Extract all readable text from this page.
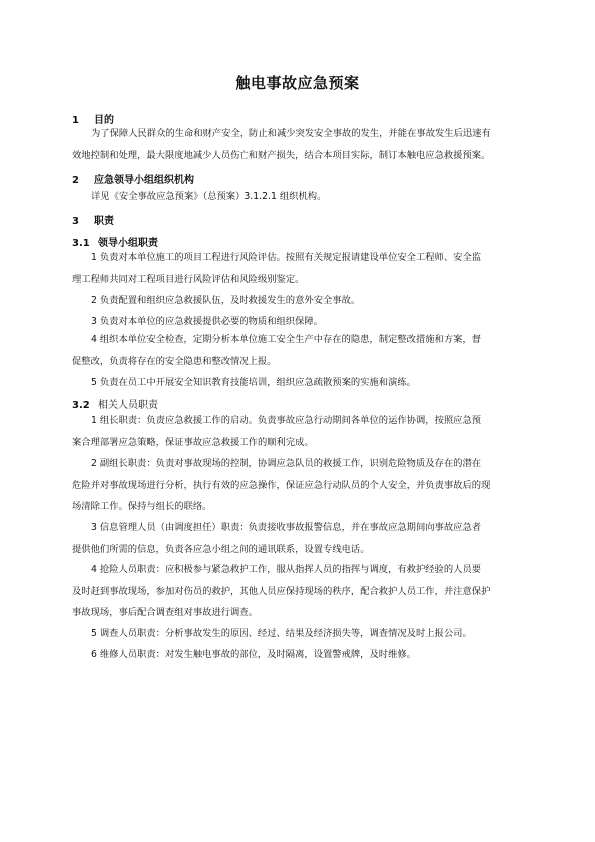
触电事故应急预案
1 目的
为了保障人民群众的生命和财产安全，防止和减少突发安全事故的发生，并能在事故发生后迅速有
效地控制和处理，最大限度地减少人员伤亡和财产损失，结合本项目实际，制订本触电应急救援预案。
2 应急领导小组组织机构
详见《安全事故应急预案》（总预案）3.1.2.1 组织机构。
3 职责
3.1 领导小组职责
1 负责对本单位施工的项目工程进行风险评估。按照有关规定报请建设单位安全工程师、安全监
理工程师共同对工程项目进行风险评估和风险级别鉴定。
2 负责配置和组织应急救援队伍，及时救援发生的意外安全事故。
3 负责对本单位的应急救援提供必要的物质和组织保障。
4 组织本单位安全检查，定期分析本单位施工安全生产中存在的隐患，制定整改措施和方案，督
促整改，负责将存在的安全隐患和整改情况上报。
5 负责在员工中开展安全知识教育技能培训，组织应急疏散预案的实施和演练。
3.2 相关人员职责
1 组长职责：负责应急救援工作的启动。负责事故应急行动期间各单位的运作协调，按照应急预
案合理部署应急策略，保证事故应急救援工作的顺利完成。
2 副组长职责：负责对事故现场的控制，协调应急队员的救援工作，识别危险物质及存在的潜在
危险并对事故现场进行分析，执行有效的应急操作，保证应急行动队员的个人安全，并负责事故后的现
场清除工作。保持与组长的联络。
3 信息管理人员（由调度担任）职责：负责接收事故报警信息，并在事故应急期间向事故应急者
提供他们所需的信息，负责各应急小组之间的通讯联系，设置专线电话。
4 抢险人员职责：应积极参与紧急救护工作，服从指挥人员的指挥与调度，有救护经验的人员要
及时赶到事故现场，参加对伤员的救护，其他人员应保持现场的秩序，配合救护人员工作，并注意保护
事故现场，事后配合调查组对事故进行调查。
5 调查人员职责：分析事故发生的原因、经过、结果及经济损失等，调查情况及时上报公司。
6 维修人员职责：对发生触电事故的部位，及时隔离，设置警戒牌，及时维修。
